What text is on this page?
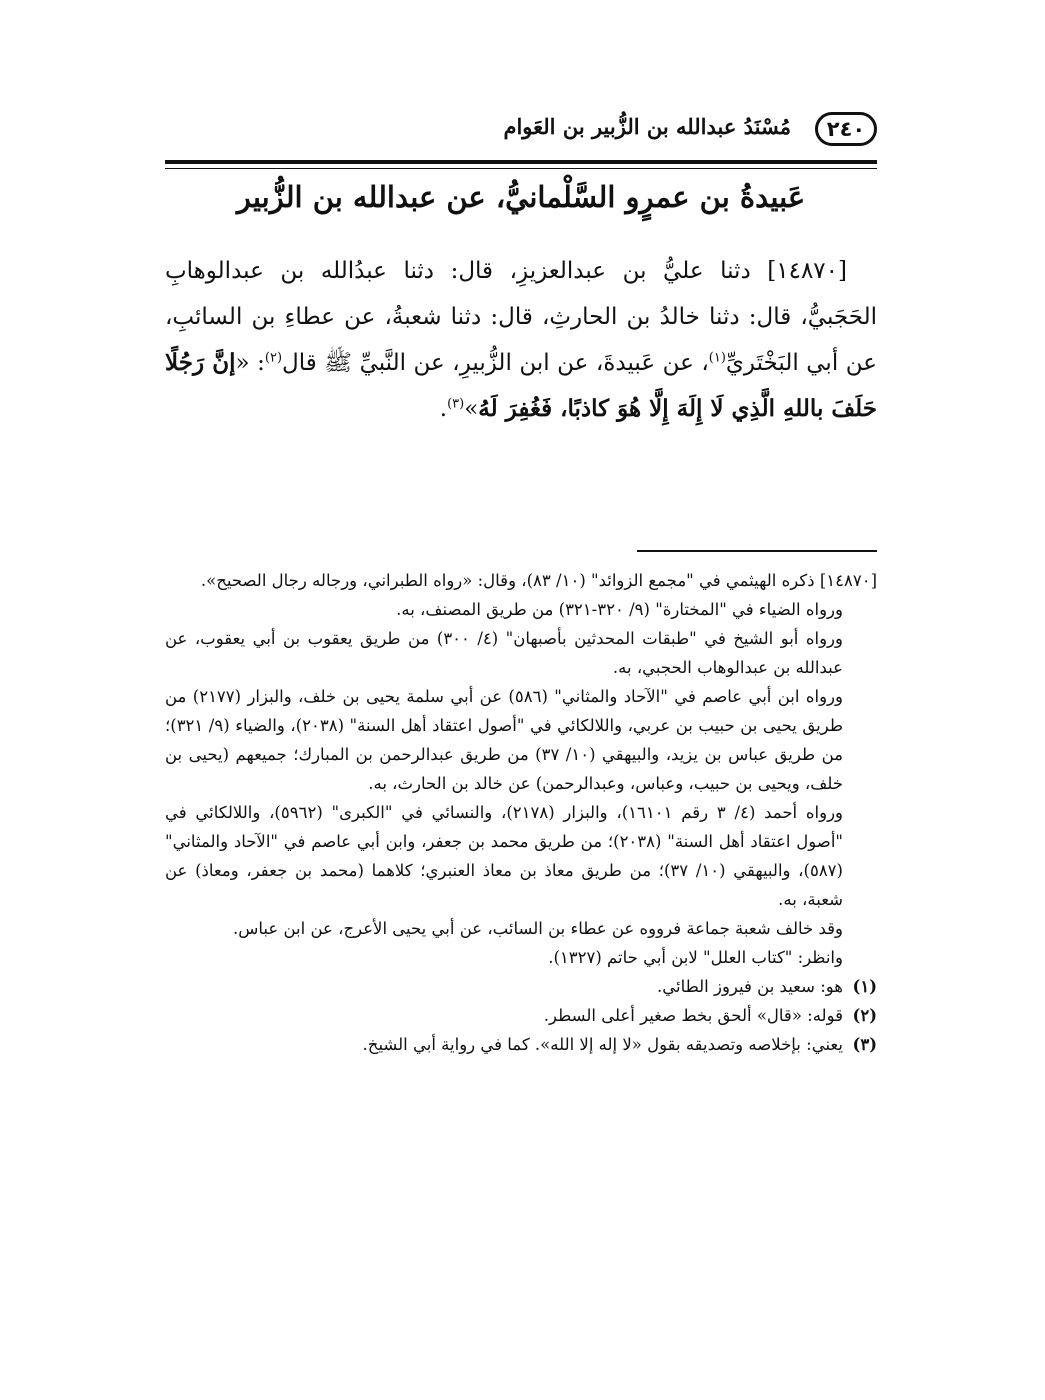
٢٤٠
مُسْنَدُ عبدالله بن الزُّبير بن العَوام
عَبيدةُ بن عمرٍو السَّلْمانيُّ، عن عبدالله بن الزُّبير

[١٤٨٧٠] دثنا عليُّ بن عبدالعزيزِ، قال: دثنا عبدُالله بن عبدالوهابِ الحَجَبيُّ، قال: دثنا خالدُ بن الحارثِ، قال: دثنا شعبةُ، عن عطاءِ بن السائبِ، عن أبي البَخْتَريِّ$^{(١)}$، عن عَبيدةَ، عن ابن الزُّبيرِ، عن النَّبيِّ ﷺ قال$^{(٢)}$: «إنَّ رَجُلًا حَلَفَ باللهِ الَّذِي لَا إِلَهَ إِلَّا هُوَ كاذبًا، فَغُفِرَ لَهُ»$^{(٣)}$.

[١٤٨٧٠] ذكره الهيثمي في "مجمع الزوائد" (١٠/ ٨٣)، وقال: «رواه الطبراني، ورجاله رجال الصحيح».

ورواه الضياء في "المختارة" (٩/ ٣٢٠-٣٢١) من طريق المصنف، به.

ورواه أبو الشيخ في "طبقات المحدثين بأصبهان" (٤/ ٣٠٠) من طريق يعقوب بن أبي يعقوب، عن عبدالله بن عبدالوهاب الحجبي، به.

ورواه ابن أبي عاصم في "الآحاد والمثاني" (٥٨٦) عن أبي سلمة يحيى بن خلف، والبزار (٢١٧٧) من طريق يحيى بن حبيب بن عربي، واللالكائي في "أصول اعتقاد أهل السنة" (٢٠٣٨)، والضياء (٩/ ٣٢١)؛ من طريق عباس بن يزيد، والبيهقي (١٠/ ٣٧) من طريق عبدالرحمن بن المبارك؛ جميعهم (يحيى بن خلف، ويحيى بن حبيب، وعباس، وعبدالرحمن) عن خالد بن الحارث، به.

ورواه أحمد (٤/ ٣ رقم ١٦١٠١)، والبزار (٢١٧٨)، والنسائي في "الكبرى" (٥٩٦٢)، واللالكائي في "أصول اعتقاد أهل السنة" (٢٠٣٨)؛ من طريق محمد بن جعفر، وابن أبي عاصم في "الآحاد والمثاني" (٥٨٧)، والبيهقي (١٠/ ٣٧)؛ من طريق معاذ بن معاذ العنبري؛ كلاهما (محمد بن جعفر، ومعاذ) عن شعبة، به.

وقد خالف شعبة جماعة فرووه عن عطاء بن السائب، عن أبي يحيى الأعرج، عن ابن عباس.

وانظر: "كتاب العلل" لابن أبي حاتم (١٣٢٧).

(١)هو: سعيد بن فيروز الطائي.

(٢)قوله: «قال» ألحق بخط صغير أعلى السطر.

(٣)يعني: بإخلاصه وتصديقه بقول «لا إله إلا الله». كما في رواية أبي الشيخ.
